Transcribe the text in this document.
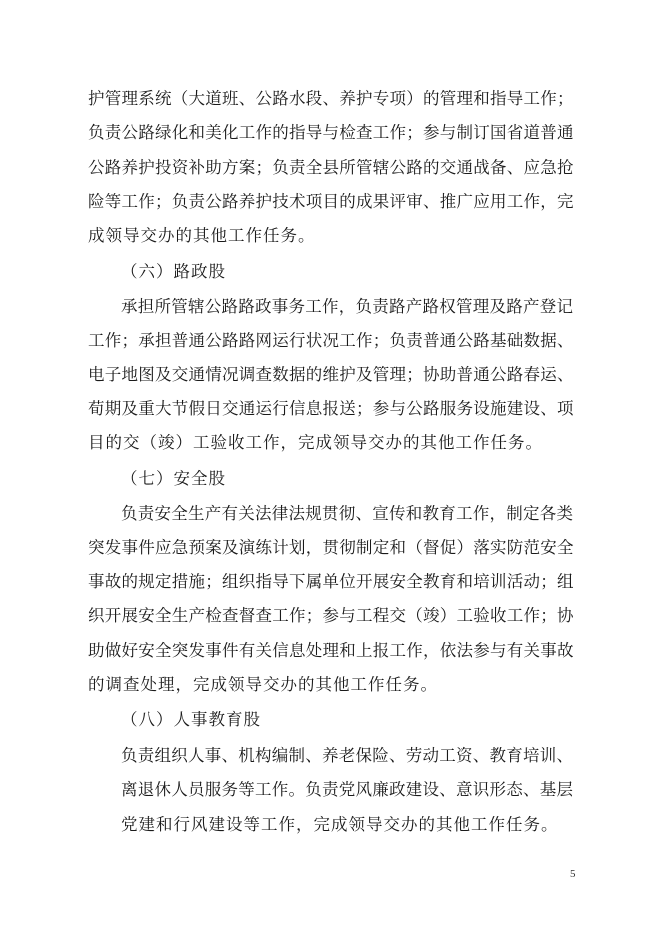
护管理系统（大道班、公路水段、养护专项）的管理和指导工作；

负责公路绿化和美化工作的指导与检查工作；参与制订国省道普通

公路养护投资补助方案；负责全县所管辖公路的交通战备、应急抢

险等工作；负责公路养护技术项目的成果评审、推广应用工作，完

成领导交办的其他工作任务。

（六）路政股

承担所管辖公路路政事务工作，负责路产路权管理及路产登记

工作；承担普通公路路网运行状况工作；负责普通公路基础数据、

电子地图及交通情况调查数据的维护及管理；协助普通公路春运、

荀期及重大节假日交通运行信息报送；参与公路服务设施建设、项

目的交（竣）工验收工作，完成领导交办的其他工作任务。

（七）安全股

负责安全生产有关法律法规贯彻、宣传和教育工作，制定各类

突发事件应急预案及演练计划，贯彻制定和（督促）落实防范安全

事故的规定措施；组织指导下属单位开展安全教育和培训活动；组

织开展安全生产检查督查工作；参与工程交（竣）工验收工作；协

助做好安全突发事件有关信息处理和上报工作，依法参与有关事故

的调查处理，完成领导交办的其他工作任务。

（八）人事教育股

负责组织人事、机构编制、养老保险、劳动工资、教育培训、

离退休人员服务等工作。负责党风廉政建设、意识形态、基层

党建和行风建设等工作，完成领导交办的其他工作任务。

5
